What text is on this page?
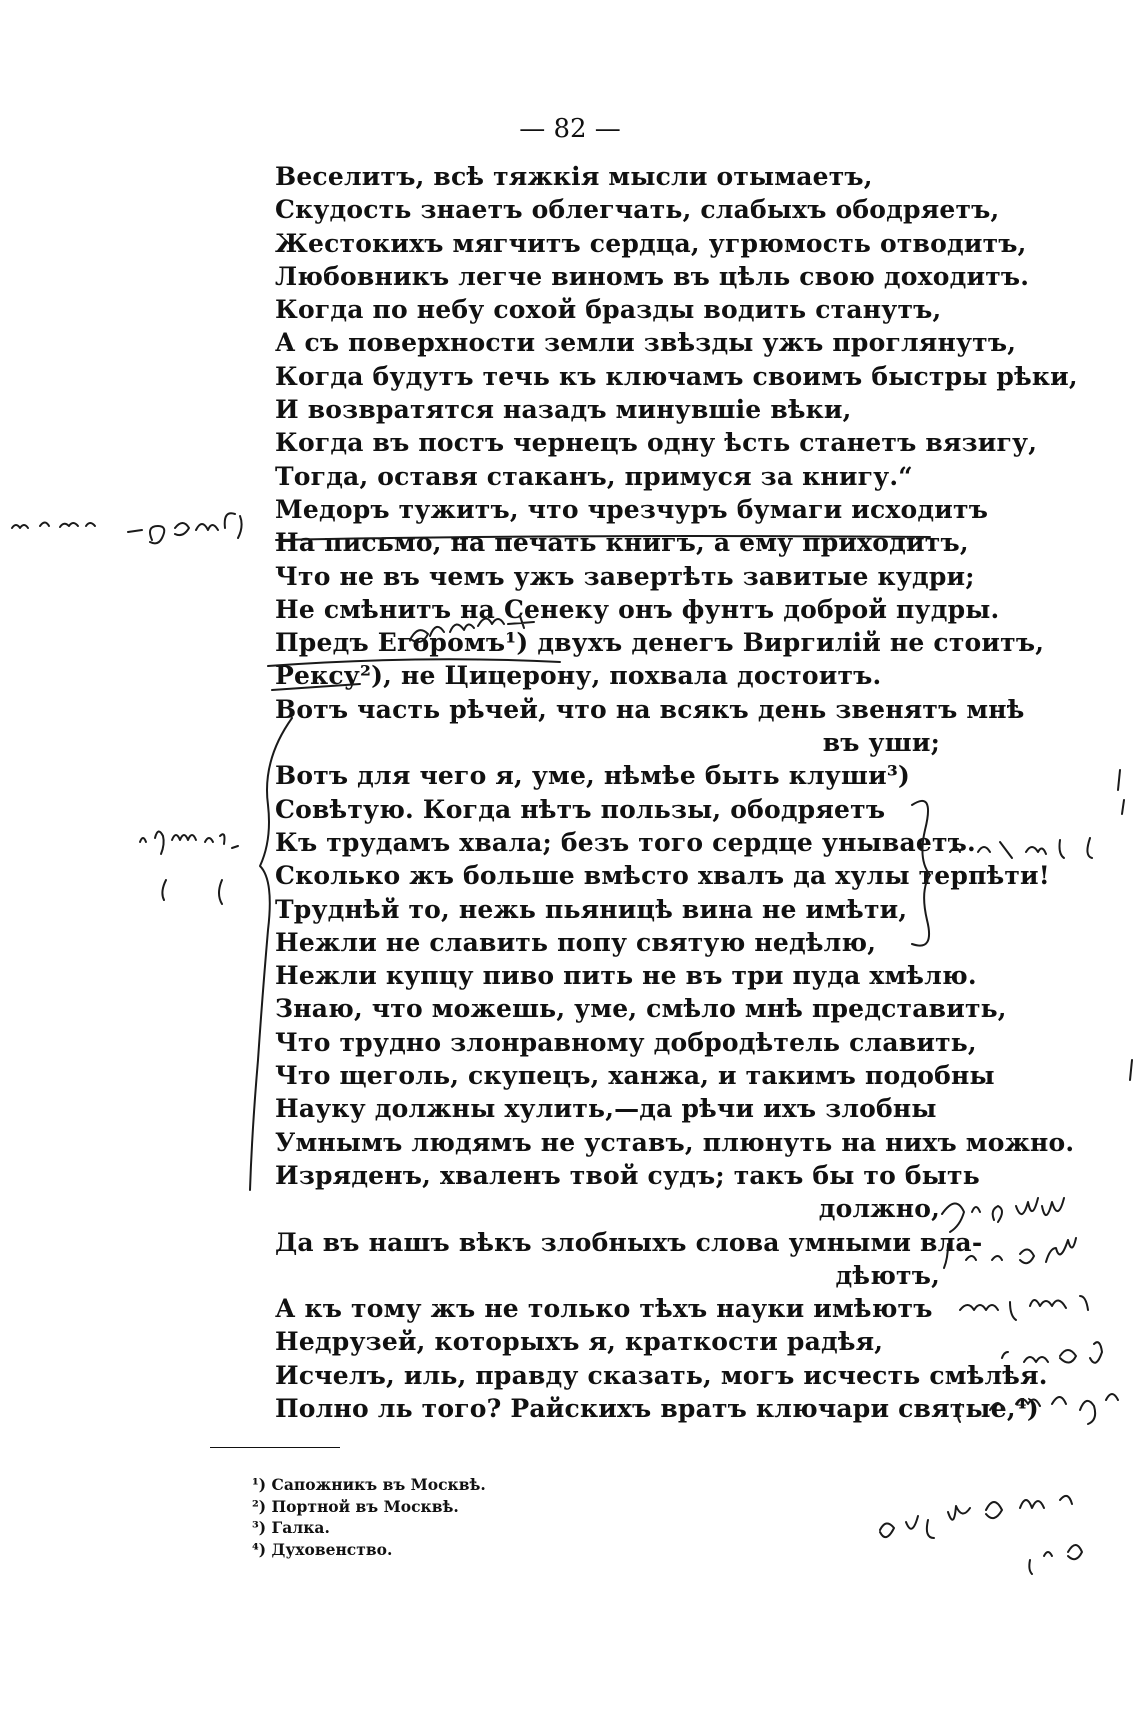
— 82 —
Веселитъ, всѣ тяжкія мысли отымаетъ,
Скудость знаетъ облегчать, слабыхъ ободряетъ,
Жестокихъ мягчитъ сердца, угрюмость отводитъ,
Любовникъ легче виномъ въ цѣль свою доходитъ.
Когда по небу сохой бразды водить станутъ,
А съ поверхности земли звѣзды ужъ проглянутъ,
Когда будутъ течь къ ключамъ своимъ быстры рѣки,
И возвратятся назадъ минувшіе вѣки,
Когда въ постъ чернецъ одну ѣсть станетъ вязигу,
Тогда, оставя стаканъ, примуся за книгу.“
Медоръ тужитъ, что чрезчуръ бумаги исходитъ
На письмо, на печать книгъ, а ему приходитъ,
Что не въ чемъ ужъ завертѣть завитые кудри;
Не смѣнитъ на Сенеку онъ фунтъ доброй пудры.
Предъ Егоромъ¹) двухъ денегъ Виргилій не стоитъ,
Рексу²), не Цицерону, похвала достоитъ.
Вотъ часть рѣчей, что на всякъ день звенятъ мнѣ
въ уши;
Вотъ для чего я, уме, нѣмѣе быть клуши³)
Совѣтую. Когда нѣтъ пользы, ободряетъ
Къ трудамъ хвала; безъ того сердце унываетъ.
Сколько жъ больше вмѣсто хвалъ да хулы терпѣти!
Труднѣй то, нежь пьяницѣ вина не имѣти,
Нежли не славить попу святую недѣлю,
Нежли купцу пиво пить не въ три пуда хмѣлю.
Знаю, что можешь, уме, смѣло мнѣ представить,
Что трудно злонравному добродѣтель славить,
Что щеголь, скупецъ, ханжа, и такимъ подобны
Науку должны хулить,—да рѣчи ихъ злобны
Умнымъ людямъ не уставъ, плюнуть на нихъ можно.
Изряденъ, хваленъ твой судъ; такъ бы то быть
должно,
Да въ нашъ вѣкъ злобныхъ слова умными вла-
дѣютъ,
А къ тому жъ не только тѣхъ науки имѣютъ
Недрузей, которыхъ я, краткости радѣя,
Исчелъ, иль, правду сказать, могъ исчесть смѣлѣя.
Полно ль того? Райскихъ вратъ ключари святые,⁴)
¹) Сапожникъ въ Москвѣ.
²) Портной въ Москвѣ.
³) Галка.
⁴) Духовенство.
